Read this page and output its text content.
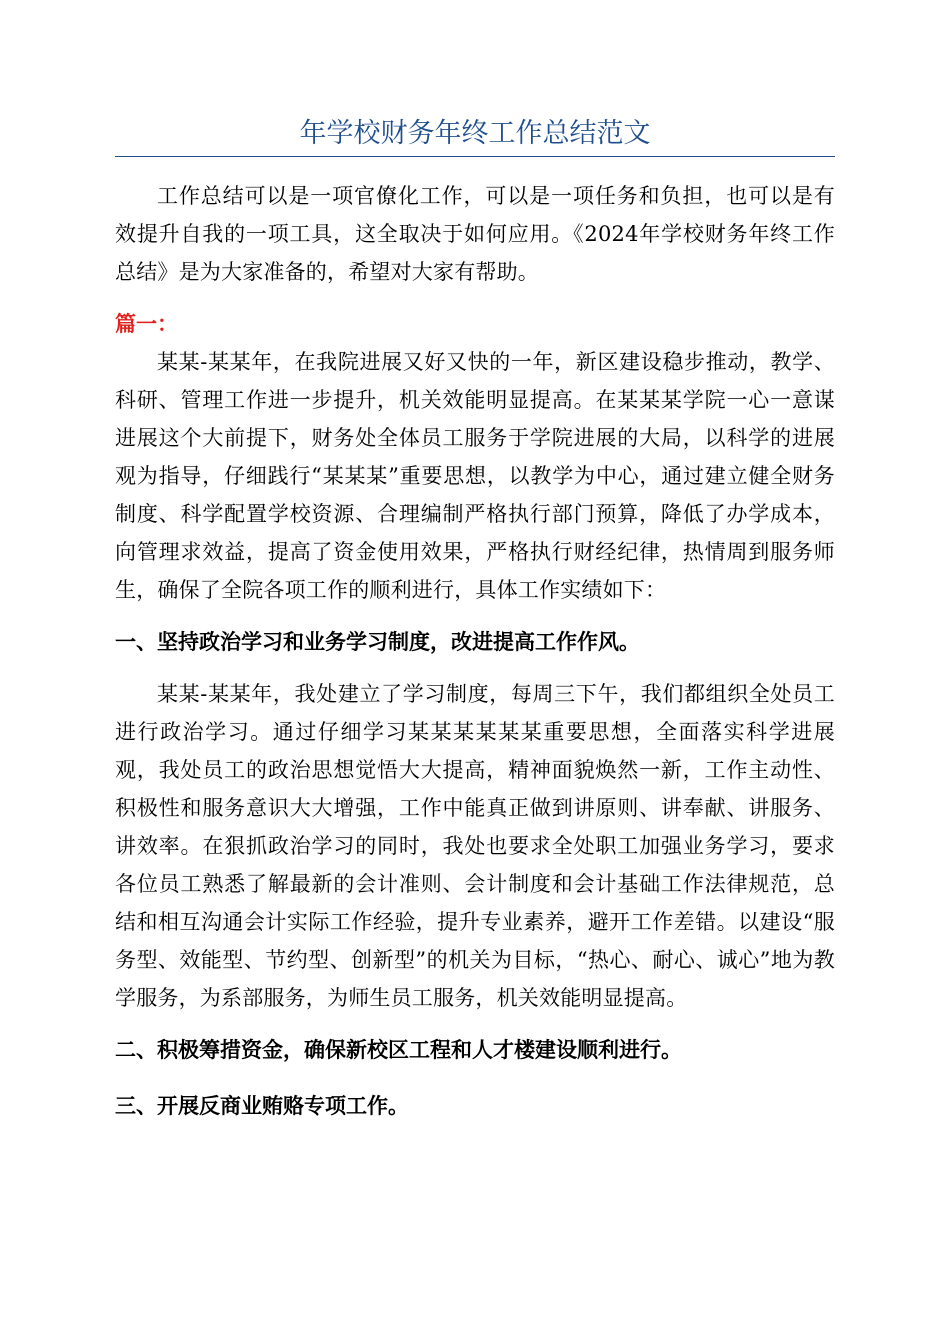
年学校财务年终工作总结范文

工作总结可以是一项官僚化工作，可以是一项任务和负担，也可以是有效提升自我的一项工具，这全取决于如何应用。《2024年学校财务年终工作总结》是为大家准备的，希望对大家有帮助。

篇一：

某某-某某年，在我院进展又好又快的一年，新区建设稳步推动，教学、科研、管理工作进一步提升，机关效能明显提高。在某某某学院一心一意谋进展这个大前提下，财务处全体员工服务于学院进展的大局，以科学的进展观为指导，仔细践行“某某某”重要思想，以教学为中心，通过建立健全财务制度、科学配置学校资源、合理编制严格执行部门预算，降低了办学成本，向管理求效益，提高了资金使用效果，严格执行财经纪律，热情周到服务师生，确保了全院各项工作的顺利进行，具体工作实绩如下：

一、坚持政治学习和业务学习制度，改进提高工作作风。

某某-某某年，我处建立了学习制度，每周三下午，我们都组织全处员工进行政治学习。通过仔细学习某某某某某某重要思想，全面落实科学进展观，我处员工的政治思想觉悟大大提高，精神面貌焕然一新，工作主动性、积极性和服务意识大大增强，工作中能真正做到讲原则、讲奉献、讲服务、讲效率。在狠抓政治学习的同时，我处也要求全处职工加强业务学习，要求各位员工熟悉了解最新的会计准则、会计制度和会计基础工作法律规范，总结和相互沟通会计实际工作经验，提升专业素养，避开工作差错。以建设“服务型、效能型、节约型、创新型”的机关为目标，“热心、耐心、诚心”地为教学服务，为系部服务，为师生员工服务，机关效能明显提高。

二、积极筹措资金，确保新校区工程和人才楼建设顺利进行。

三、开展反商业贿赂专项工作。
